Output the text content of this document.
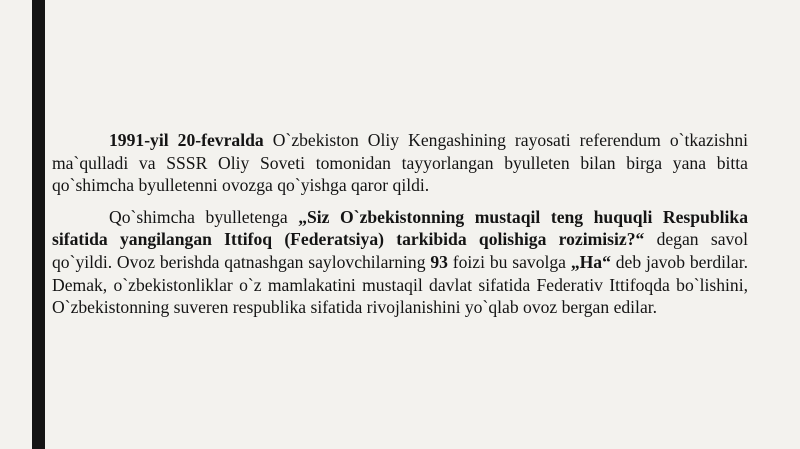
1991-yil 20-fevralda O`zbekiston Oliy Kengashining rayosati referendum o`tkazishni ma`qulladi va SSSR Oliy Soveti tomonidan tayyorlangan byulleten bilan birga yana bitta qo`shimcha byulletenni ovozga qo`yishga qaror qildi.

Qo`shimcha byulletenga „Siz O`zbekistonning mustaqil teng huquqli Respublika sifatida yangilangan Ittifoq (Federatsiya) tarkibida qolishiga rozimisiz?“ degan savol qo`yildi. Ovoz berishda qatnashgan saylovchilarning 93 foizi bu savolga „Ha“ deb javob berdilar. Demak, o`zbekistonliklar o`z mamlakatini mustaqil davlat sifatida Federativ Ittifoqda bo`lishini, O`zbekistonning suveren respublika sifatida rivojlanishini yo`qlab ovoz bergan edilar.
